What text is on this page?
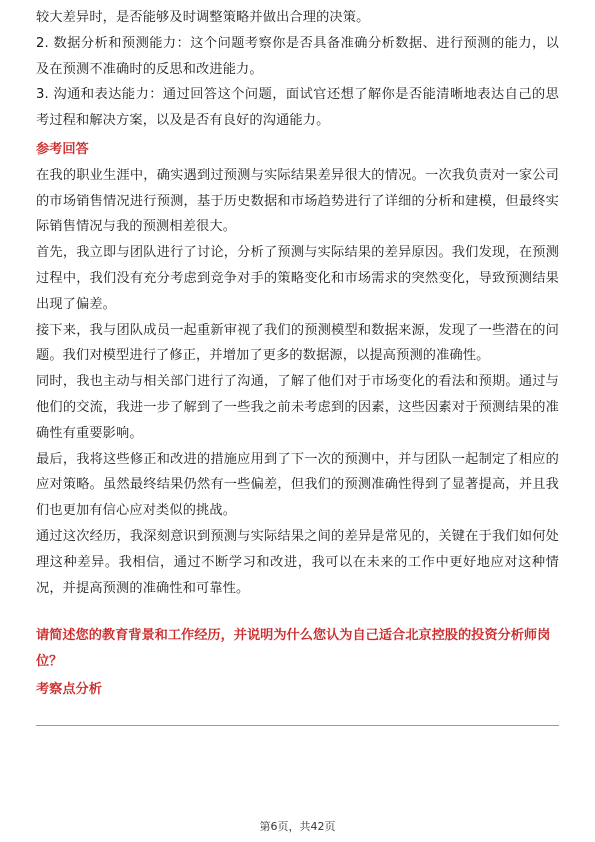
较大差异时，是否能够及时调整策略并做出合理的决策。

2. 数据分析和预测能力：这个问题考察你是否具备准确分析数据、进行预测的能力，以及在预测不准确时的反思和改进能力。

3. 沟通和表达能力：通过回答这个问题，面试官还想了解你是否能清晰地表达自己的思考过程和解决方案，以及是否有良好的沟通能力。

参考回答

在我的职业生涯中，确实遇到过预测与实际结果差异很大的情况。一次我负责对一家公司的市场销售情况进行预测，基于历史数据和市场趋势进行了详细的分析和建模，但最终实际销售情况与我的预测相差很大。

首先，我立即与团队进行了讨论，分析了预测与实际结果的差异原因。我们发现，在预测过程中，我们没有充分考虑到竞争对手的策略变化和市场需求的突然变化，导致预测结果出现了偏差。

接下来，我与团队成员一起重新审视了我们的预测模型和数据来源，发现了一些潜在的问题。我们对模型进行了修正，并增加了更多的数据源，以提高预测的准确性。

同时，我也主动与相关部门进行了沟通，了解了他们对于市场变化的看法和预期。通过与他们的交流，我进一步了解到了一些我之前未考虑到的因素，这些因素对于预测结果的准确性有重要影响。

最后，我将这些修正和改进的措施应用到了下一次的预测中，并与团队一起制定了相应的应对策略。虽然最终结果仍然有一些偏差，但我们的预测准确性得到了显著提高，并且我们也更加有信心应对类似的挑战。

通过这次经历，我深刻意识到预测与实际结果之间的差异是常见的，关键在于我们如何处理这种差异。我相信，通过不断学习和改进，我可以在未来的工作中更好地应对这种情况，并提高预测的准确性和可靠性。

请简述您的教育背景和工作经历，并说明为什么您认为自己适合北京控股的投资分析师岗位？

考察点分析

第6页，共42页
